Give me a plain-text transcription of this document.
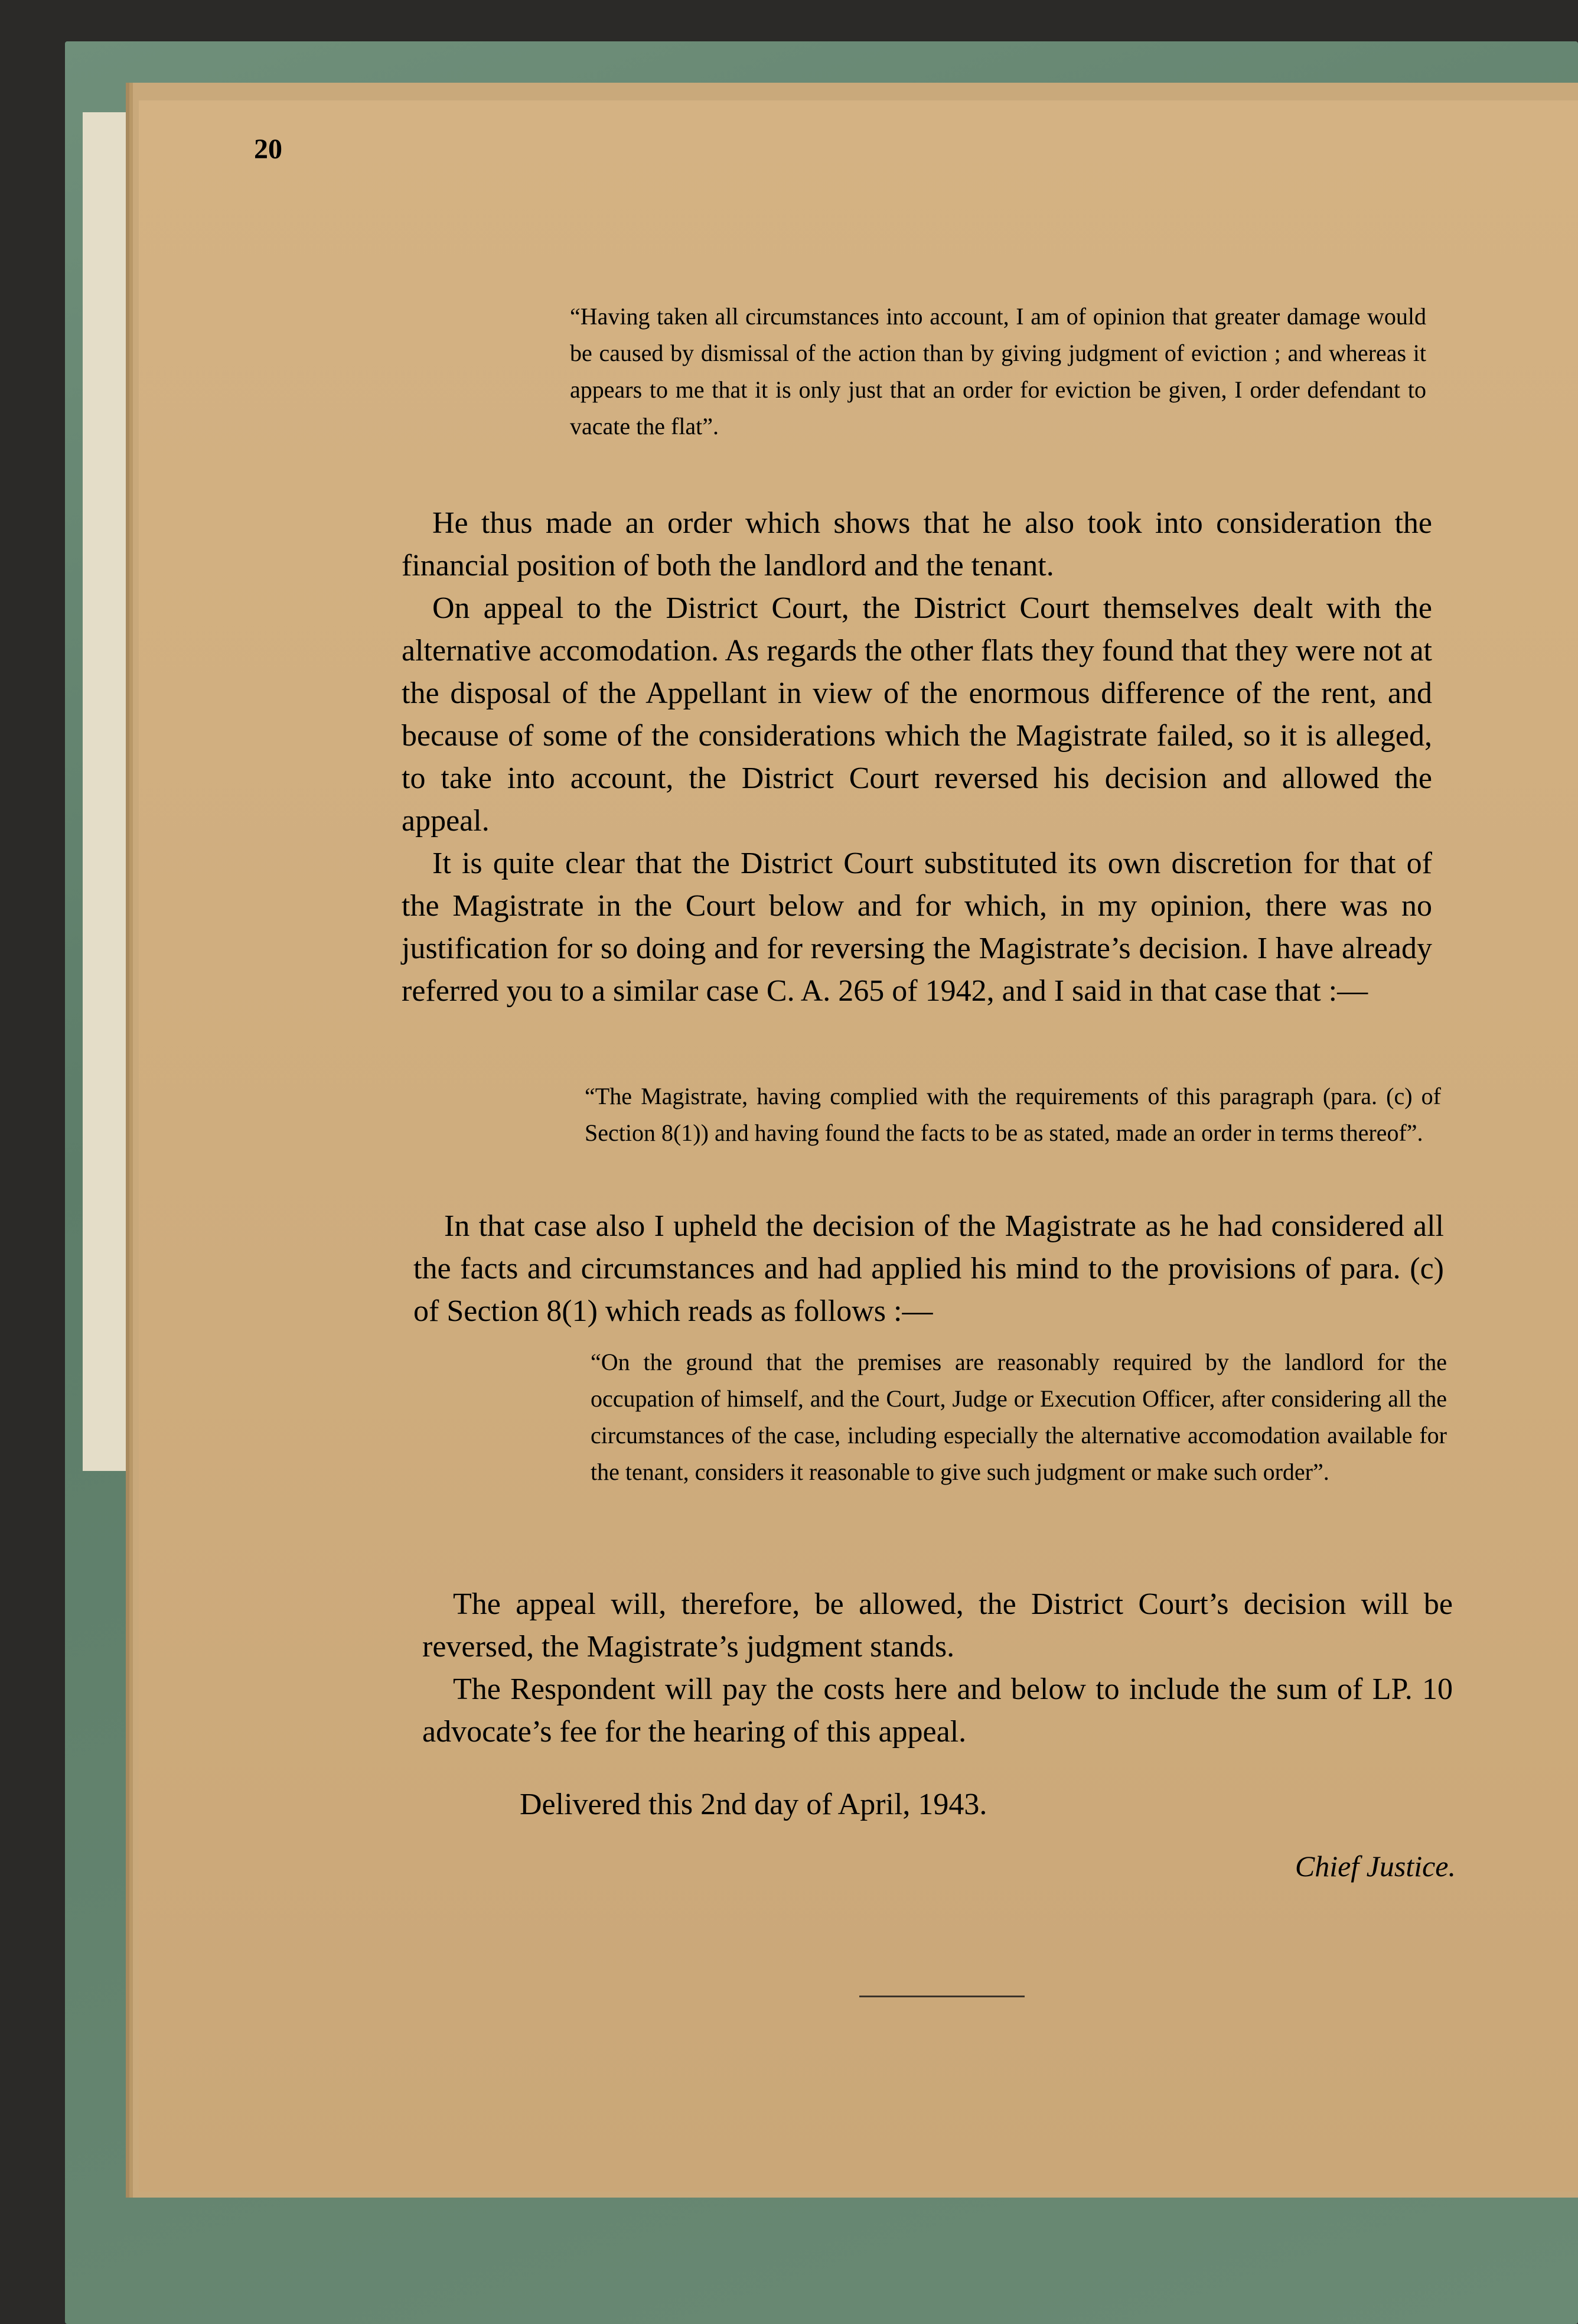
20

“Having taken all circumstances into account, I am of opinion that greater damage would be caused by dismissal of the action than by giving judgment of eviction ; and whereas it appears to me that it is only just that an order for eviction be given, I order defendant to vacate the flat”.

He thus made an order which shows that he also took into consideration the financial position of both the landlord and the tenant.

On appeal to the District Court, the District Court themselves dealt with the alternative accomodation. As regards the other flats they found that they were not at the disposal of the Appellant in view of the enormous difference of the rent, and because of some of the considerations which the Magistrate failed, so it is alleged, to take into account, the District Court reversed his decision and allowed the appeal.

It is quite clear that the District Court substituted its own discretion for that of the Magistrate in the Court below and for which, in my opinion, there was no justification for so doing and for reversing the Magistrate’s decision. I have already referred you to a similar case C. A. 265 of 1942, and I said in that case that :—

“The Magistrate, having complied with the requirements of this paragraph (para. (c) of Section 8(1)) and having found the facts to be as stated, made an order in terms thereof”.

In that case also I upheld the decision of the Magistrate as he had considered all the facts and circumstances and had applied his mind to the provisions of para. (c) of Section 8(1) which reads as follows :—

“On the ground that the premises are reasonably required by the landlord for the occupation of himself, and the Court, Judge or Execution Officer, after considering all the circumstances of the case, including especially the alternative accomodation available for the tenant, considers it reasonable to give such judgment or make such order”.

The appeal will, therefore, be allowed, the District Court’s decision will be reversed, the Magistrate’s judgment stands.

The Respondent will pay the costs here and below to include the sum of LP. 10 advocate’s fee for the hearing of this appeal.

Delivered this 2nd day of April, 1943.
Chief Justice.
